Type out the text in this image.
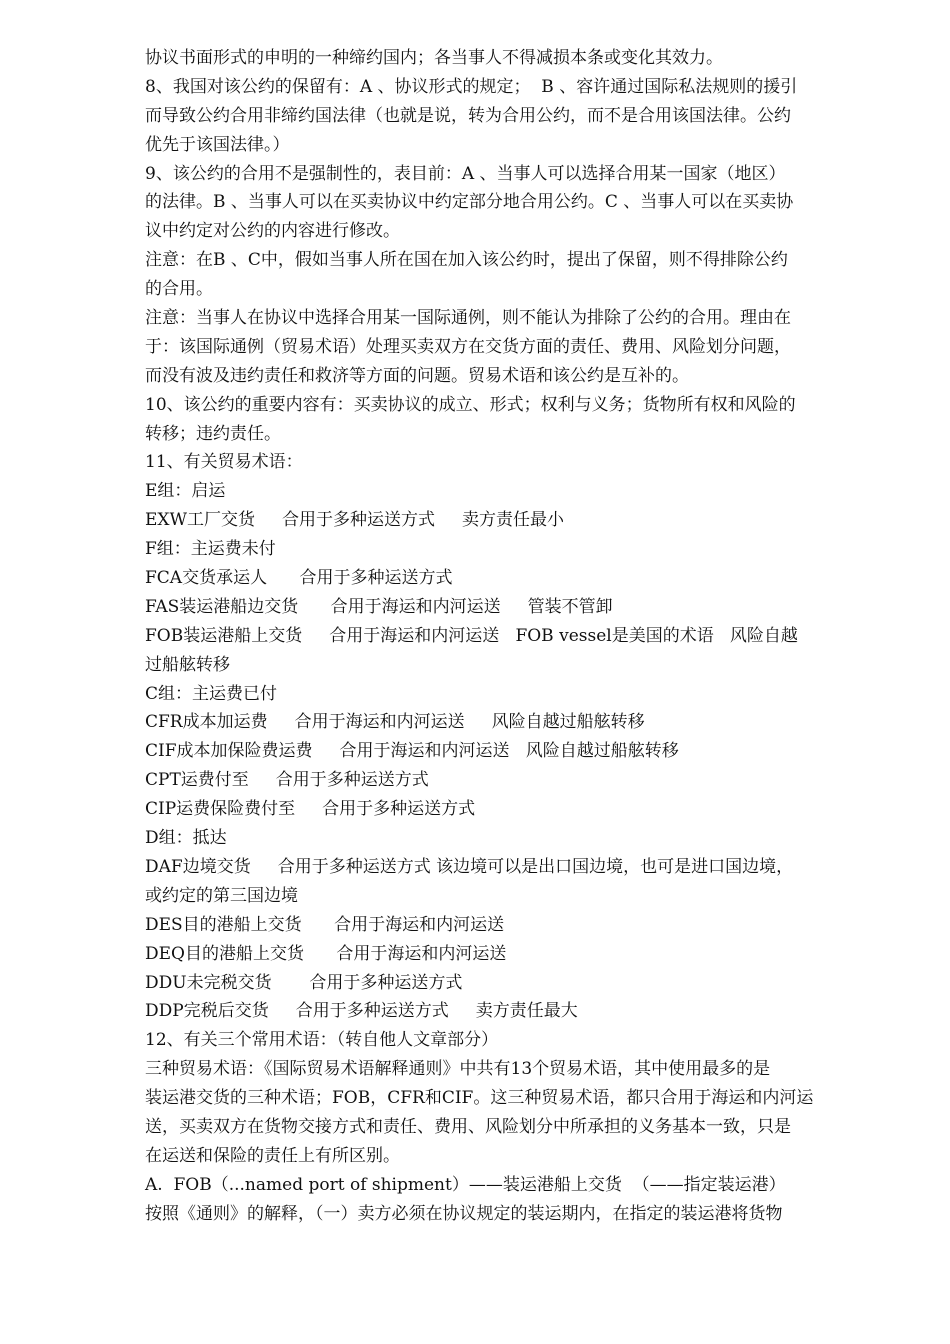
协议书面形式的申明的一种缔约国内；各当事人不得减损本条或变化其效力。
8、我国对该公约的保留有：A 、协议形式的规定；  B 、容许通过国际私法规则的援引
而导致公约合用非缔约国法律（也就是说，转为合用公约，而不是合用该国法律。公约
优先于该国法律。）
9、该公约的合用不是强制性的，表目前：A 、当事人可以选择合用某一国家（地区）
的法律。B 、当事人可以在买卖协议中约定部分地合用公约。C 、当事人可以在买卖协
议中约定对公约的内容进行修改。
注意：在B 、C中，假如当事人所在国在加入该公约时，提出了保留，则不得排除公约
的合用。
注意：当事人在协议中选择合用某一国际通例，则不能认为排除了公约的合用。理由在
于：该国际通例（贸易术语）处理买卖双方在交货方面的责任、费用、风险划分问题，
而没有波及违约责任和救济等方面的问题。贸易术语和该公约是互补的。
10、该公约的重要内容有：买卖协议的成立、形式；权利与义务；货物所有权和风险的
转移；违约责任。
11、有关贸易术语：
E组：启运
EXW工厂交货     合用于多种运送方式     卖方责任最小
F组：主运费未付
FCA交货承运人      合用于多种运送方式
FAS装运港船边交货      合用于海运和内河运送     管装不管卸
FOB装运港船上交货     合用于海运和内河运送   FOB vessel是美国的术语   风险自越
过船舷转移
C组：主运费已付
CFR成本加运费     合用于海运和内河运送     风险自越过船舷转移
CIF成本加保险费运费     合用于海运和内河运送   风险自越过船舷转移
CPT运费付至     合用于多种运送方式
CIP运费保险费付至     合用于多种运送方式
D组：抵达
DAF边境交货     合用于多种运送方式 该边境可以是出口国边境，也可是进口国边境，
或约定的第三国边境
DES目的港船上交货      合用于海运和内河运送
DEQ目的港船上交货      合用于海运和内河运送
DDU未完税交货       合用于多种运送方式
DDP完税后交货     合用于多种运送方式     卖方责任最大
12、有关三个常用术语：（转自他人文章部分）
三种贸易术语：《国际贸易术语解释通则》中共有13个贸易术语，其中使用最多的是
装运港交货的三种术语；FOB，CFR和CIF。这三种贸易术语，都只合用于海运和内河运
送，买卖双方在货物交接方式和责任、费用、风险划分中所承担的义务基本一致，只是
在运送和保险的责任上有所区别。
A.  FOB（...named port of shipment）——装运港船上交货  （——指定装运港）
按照《通则》的解释，（一）卖方必须在协议规定的装运期内，在指定的装运港将货物
